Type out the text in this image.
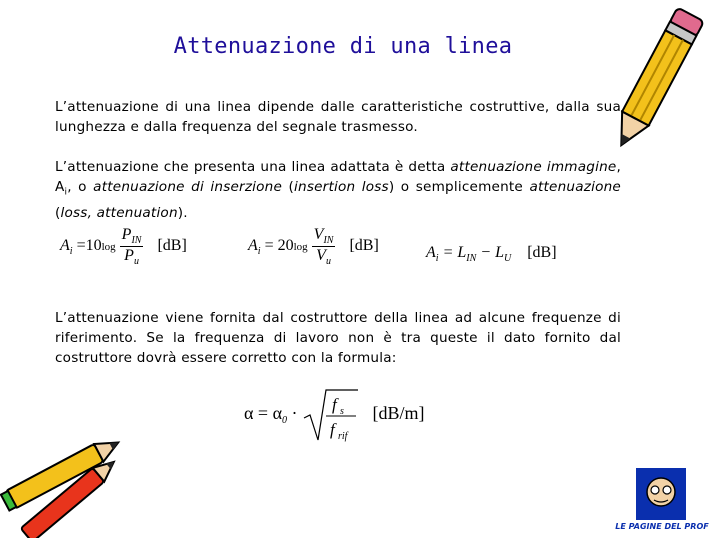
Attenuazione di una linea
L’attenuazione di una linea dipende dalle caratteristiche costruttive, dalla sua lunghezza e dalla frequenza del segnale trasmesso.
L’attenuazione che presenta una linea adattata è detta attenuazione immagine, $A_i$, o attenuazione di inserzione (insertion loss) o semplicemente attenuazione (loss, attenuation).
$A_i =10\log \frac{P_{IN}}{P_u} [dB]$	$A_i = 20\log \frac{V_{IN}}{V_u} [dB]$	$A_i = L_{IN} - L_U$ [dB]
L’attenuazione viene fornita dal costruttore della linea ad alcune frequenze di riferimento. Se la frequenza di lavoro non è tra queste il dato fornito dal costruttore dovrà essere corretto con la formula:
$\alpha = \alpha_0 \cdot f$ s
f rif
[dB/m]
LE PAGINE DEL PROF
